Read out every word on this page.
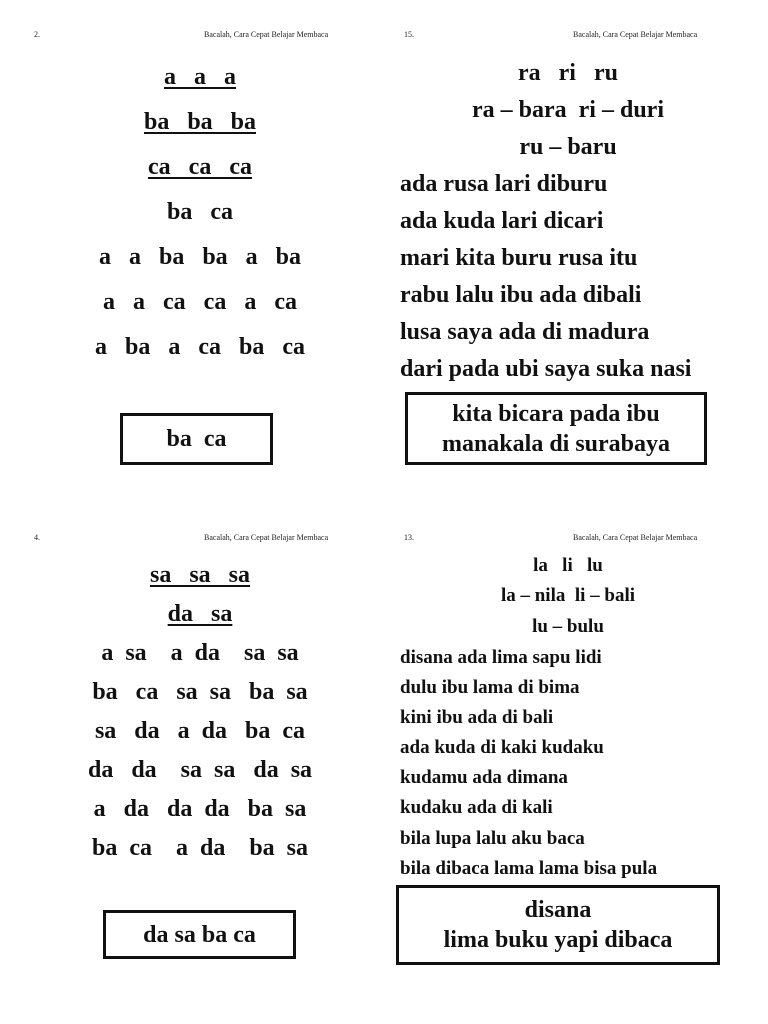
2.	Bacalah, Cara Cepat Belajar Membaca
a   a   a
ba   ba   ba
ca   ca   ca
ba   ca
a   a   ba   ba   a   ba
a   a   ca   ca   a   ca
a   ba   a   ca   ba   ca
ba  ca
15.	Bacalah, Cara Cepat Belajar Membaca
ra   ri   ru
ra – bara  ri – duri
ru – baru
ada rusa lari diburu
ada kuda lari dicari
mari kita buru rusa itu
rabu lalu ibu ada dibali
lusa saya ada di madura
dari pada ubi saya suka nasi
kita bicara pada ibu
manakala di surabaya
4.	Bacalah, Cara Cepat Belajar Membaca
sa   sa   sa
da   sa
a  sa    a  da    sa  sa
ba   ca   sa  sa   ba  sa
sa   da   a  da   ba  ca
da   da    sa  sa   da  sa
a   da   da  da   ba  sa
ba  ca    a  da    ba  sa
da sa ba ca
13.	Bacalah, Cara Cepat Belajar Membaca
la   li   lu
la – nila  li – bali
lu – bulu
disana ada lima sapu lidi
dulu ibu lama di bima
kini ibu ada di bali
ada kuda di kaki kudaku
kudamu ada dimana
kudaku ada di kali
bila lupa lalu aku baca
bila dibaca lama lama bisa pula
disana
lima buku yapi dibaca
